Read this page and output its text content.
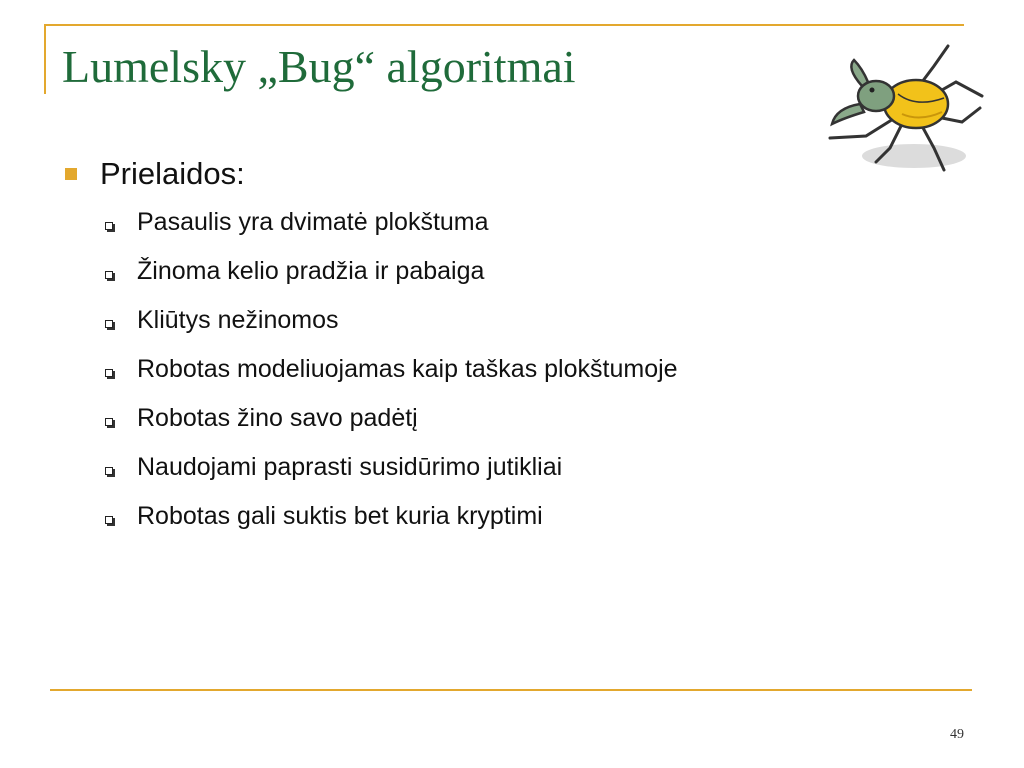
Lumelsky „Bug“ algoritmai
Prielaidos:
Pasaulis yra dvimatė plokštuma
Žinoma kelio pradžia ir pabaiga
Kliūtys nežinomos
Robotas modeliuojamas kaip taškas plokštumoje
Robotas žino savo padėtį
Naudojami paprasti susidūrimo jutikliai
Robotas gali suktis bet kuria kryptimi
49
